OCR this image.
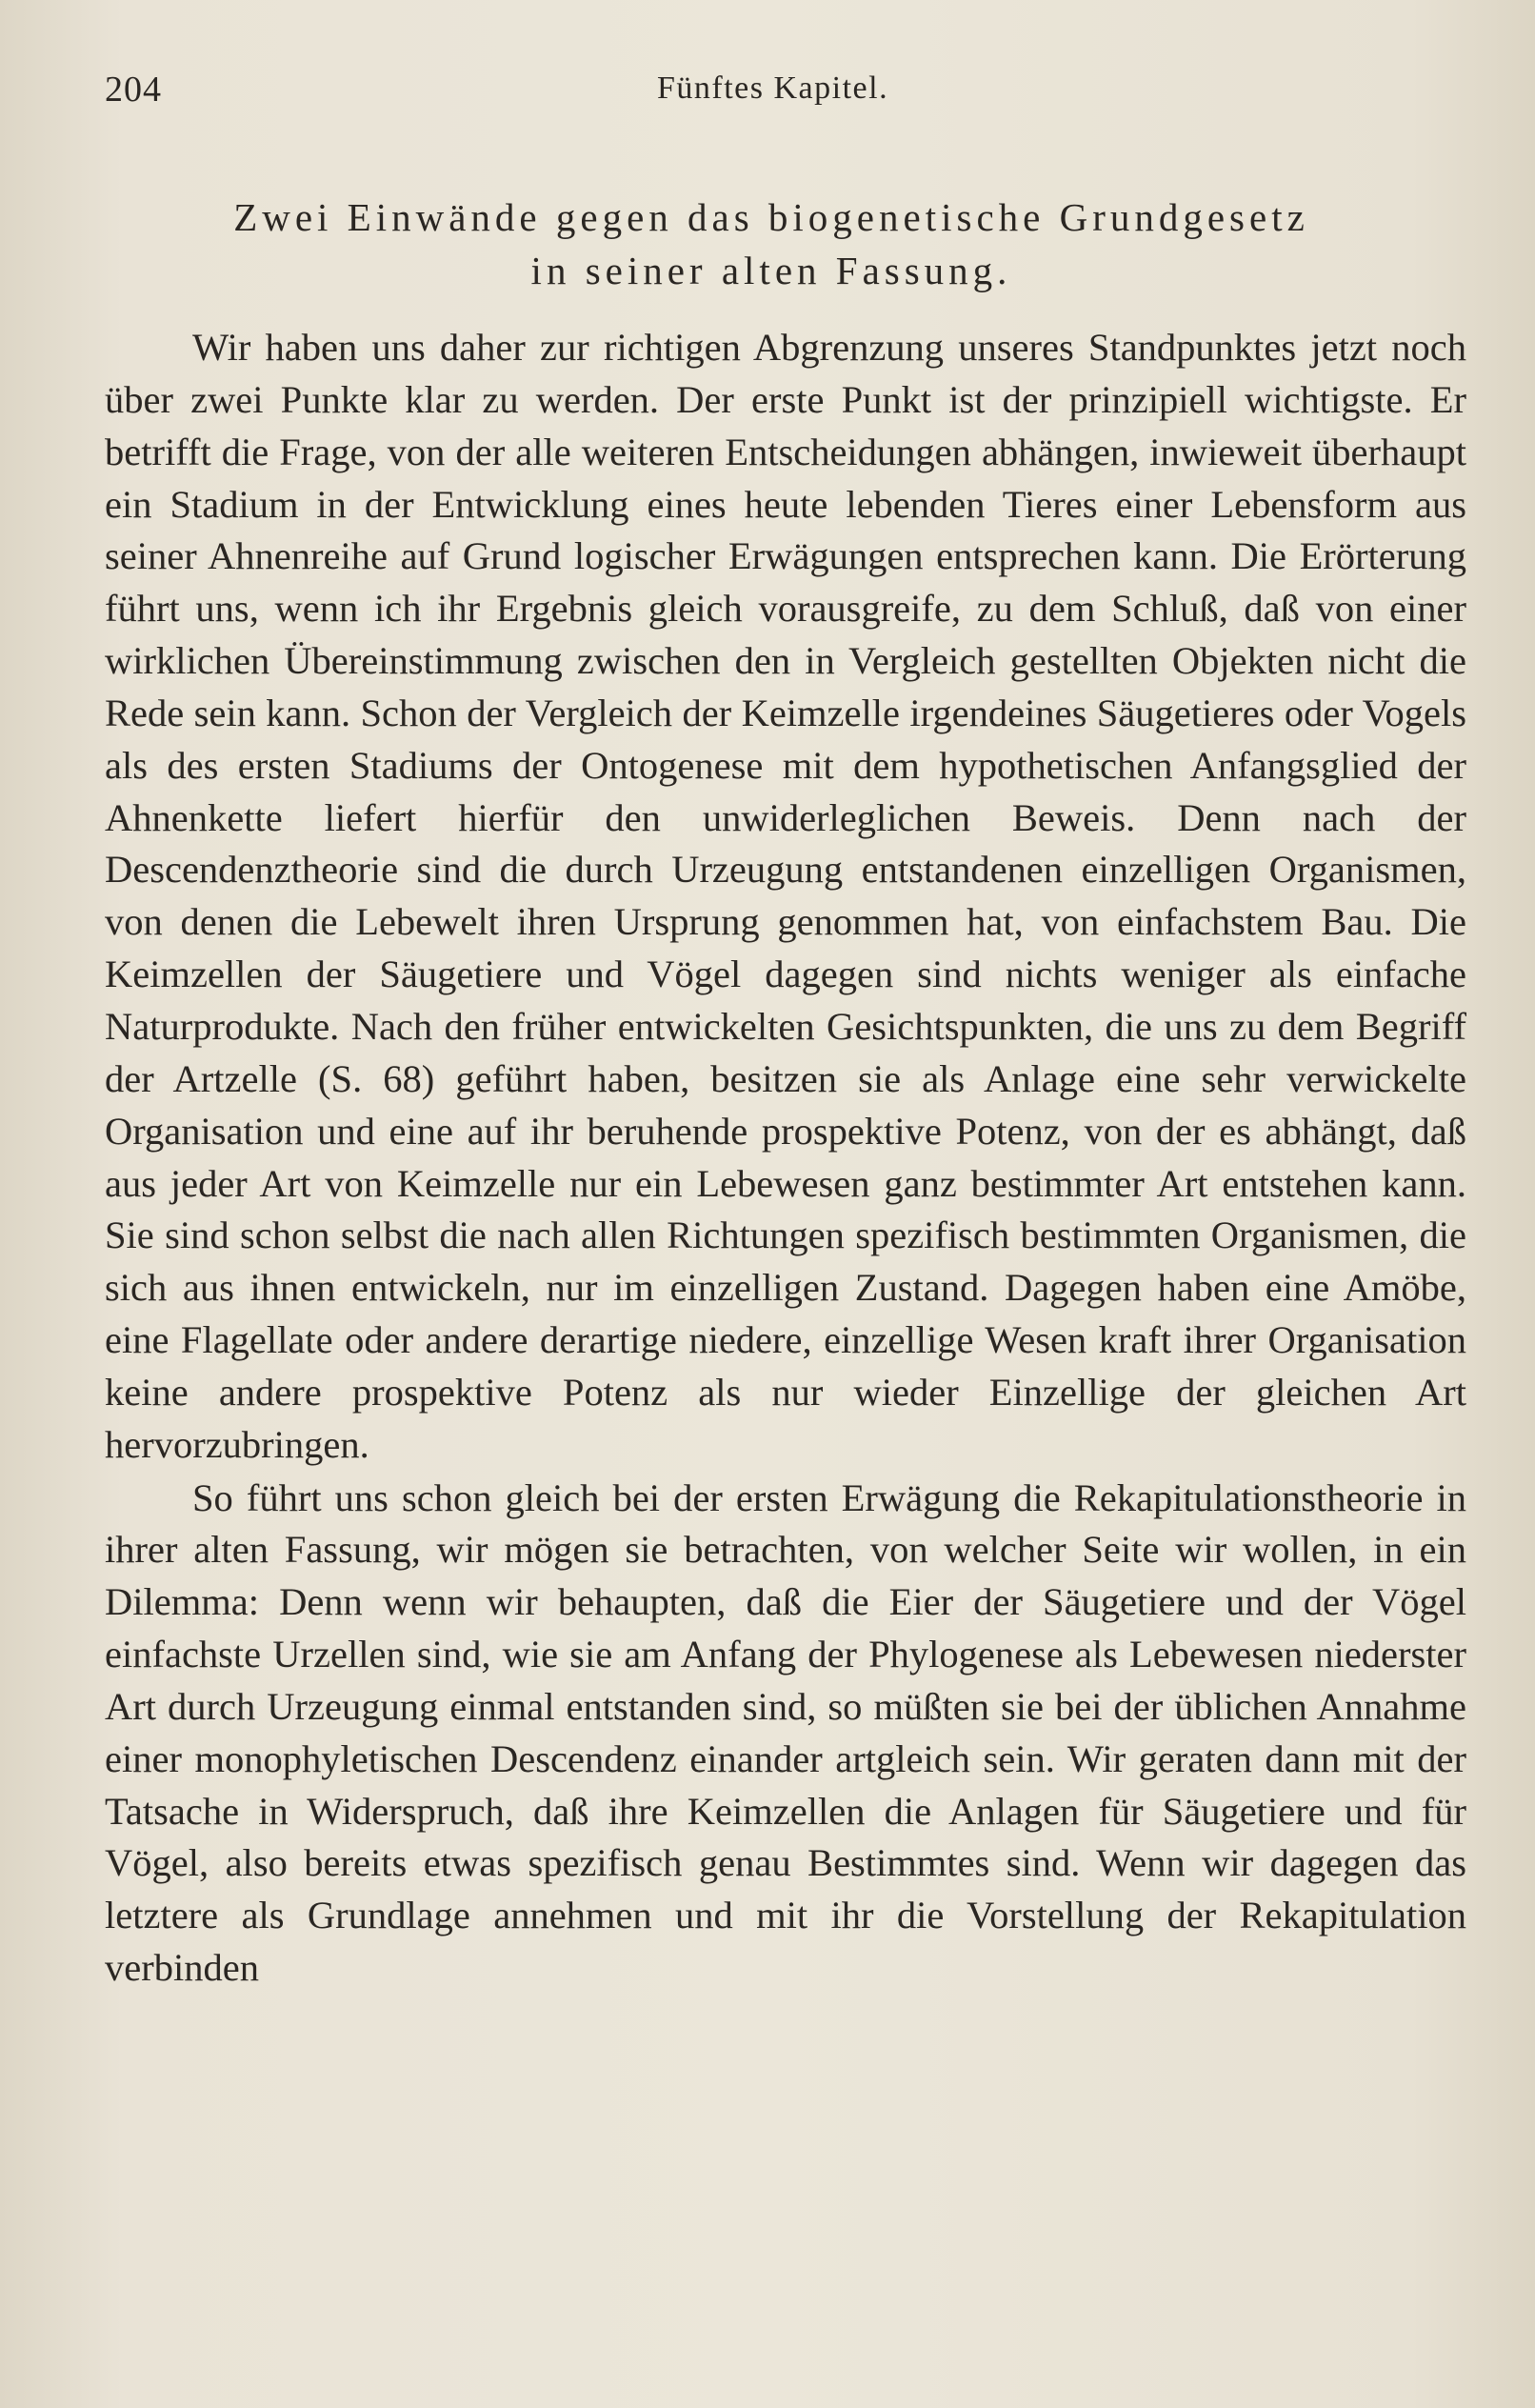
204	Fünftes Kapitel.
Zwei Einwände gegen das biogenetische Grundgesetz
in seiner alten Fassung.

Wir haben uns daher zur richtigen Abgrenzung unseres Standpunktes jetzt noch über zwei Punkte klar zu werden. Der erste Punkt ist der prinzipiell wichtigste. Er betrifft die Frage, von der alle weiteren Entscheidungen abhängen, inwieweit überhaupt ein Stadium in der Entwicklung eines heute lebenden Tieres einer Lebensform aus seiner Ahnenreihe auf Grund logischer Erwägungen entsprechen kann. Die Erörterung führt uns, wenn ich ihr Ergebnis gleich vorausgreife, zu dem Schluß, daß von einer wirklichen Übereinstimmung zwischen den in Vergleich gestellten Objekten nicht die Rede sein kann. Schon der Vergleich der Keimzelle irgendeines Säugetieres oder Vogels als des ersten Stadiums der Ontogenese mit dem hypothetischen Anfangsglied der Ahnenkette liefert hierfür den unwiderleglichen Beweis. Denn nach der Descendenztheorie sind die durch Urzeugung entstandenen einzelligen Organismen, von denen die Lebewelt ihren Ursprung genommen hat, von einfachstem Bau. Die Keimzellen der Säugetiere und Vögel dagegen sind nichts weniger als einfache Naturprodukte. Nach den früher entwickelten Gesichtspunkten, die uns zu dem Begriff der Artzelle (S. 68) geführt haben, besitzen sie als Anlage eine sehr verwickelte Organisation und eine auf ihr beruhende prospektive Potenz, von der es abhängt, daß aus jeder Art von Keimzelle nur ein Lebewesen ganz bestimmter Art entstehen kann. Sie sind schon selbst die nach allen Richtungen spezifisch bestimmten Organismen, die sich aus ihnen entwickeln, nur im einzelligen Zustand. Dagegen haben eine Amöbe, eine Flagellate oder andere derartige niedere, einzellige Wesen kraft ihrer Organisation keine andere prospektive Potenz als nur wieder Einzellige der gleichen Art hervorzubringen.

So führt uns schon gleich bei der ersten Erwägung die Rekapitulationstheorie in ihrer alten Fassung, wir mögen sie betrachten, von welcher Seite wir wollen, in ein Dilemma: Denn wenn wir behaupten, daß die Eier der Säugetiere und der Vögel einfachste Urzellen sind, wie sie am Anfang der Phylogenese als Lebewesen niederster Art durch Urzeugung einmal entstanden sind, so müßten sie bei der üblichen Annahme einer monophyletischen Descendenz einander artgleich sein. Wir geraten dann mit der Tatsache in Widerspruch, daß ihre Keimzellen die Anlagen für Säugetiere und für Vögel, also bereits etwas spezifisch genau Bestimmtes sind. Wenn wir dagegen das letztere als Grundlage annehmen und mit ihr die Vorstellung der Rekapitulation verbinden
